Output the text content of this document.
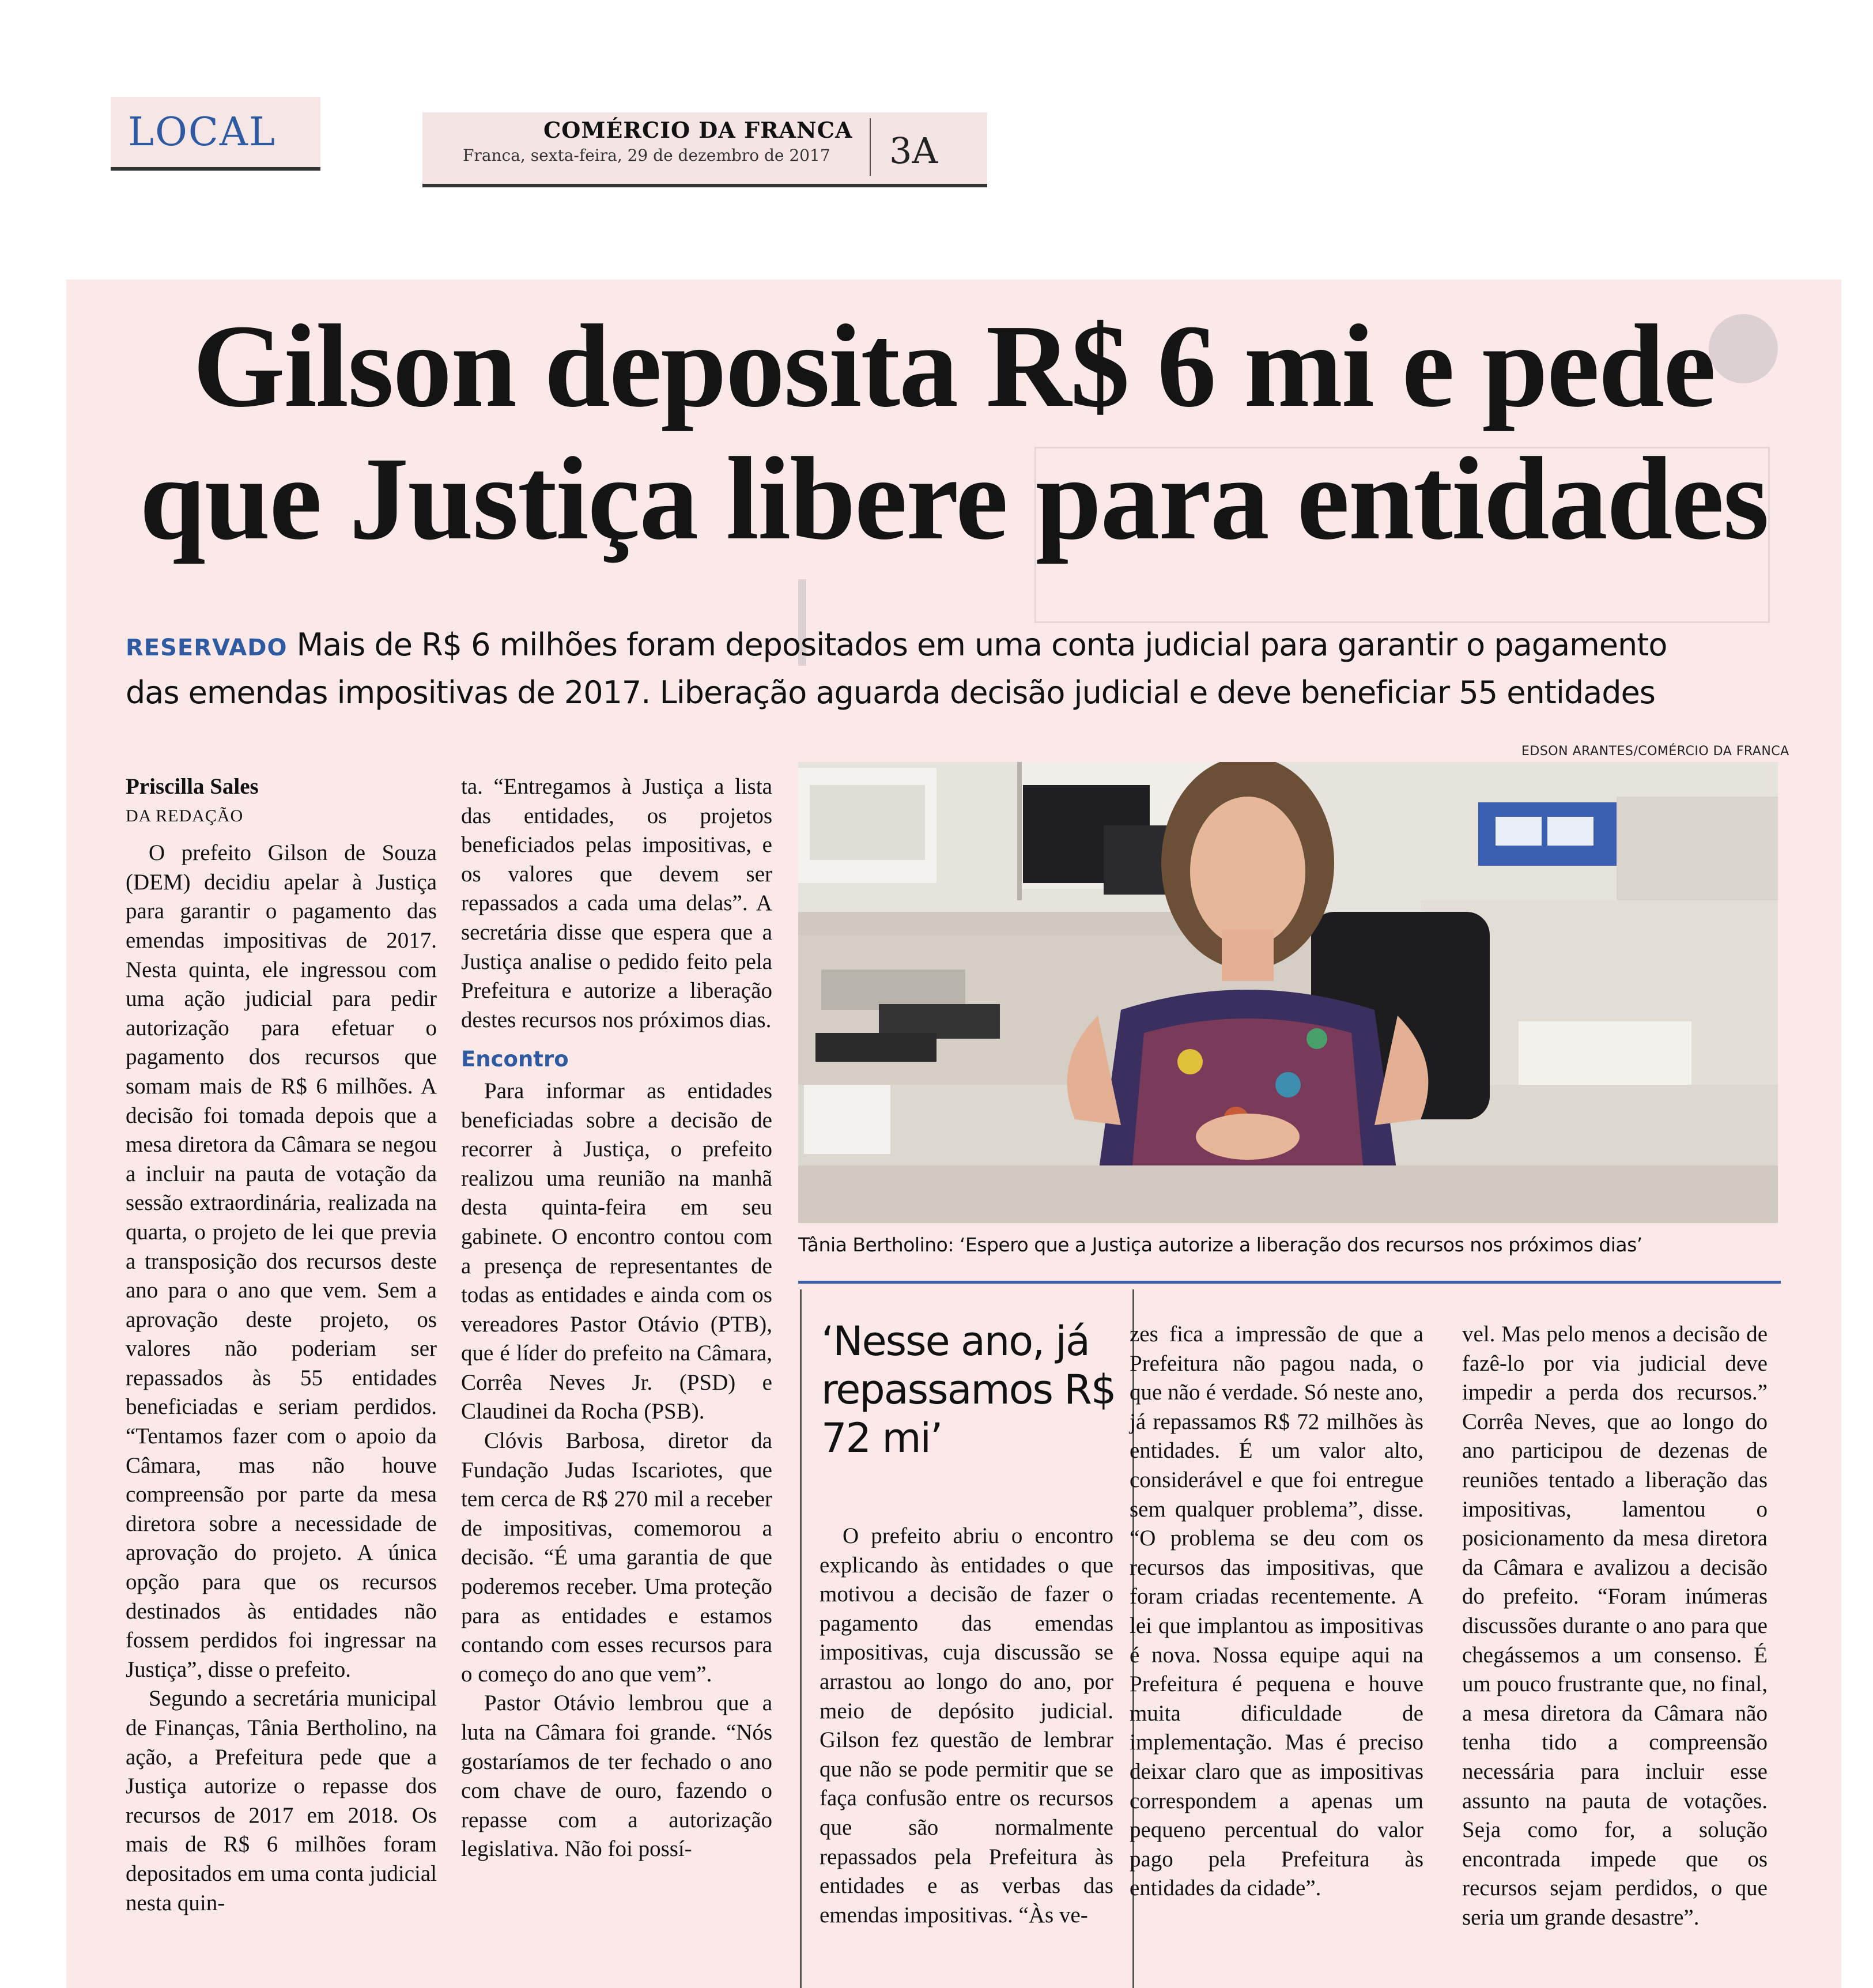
LOCAL	COMÉRCIO DA FRANCA
Franca, sexta-feira, 29 de dezembro de 2017 3A
Gilson deposita R$ 6 mi e pede
que Justiça libere para entidades
RESERVADO Mais de R$ 6 milhões foram depositados em uma conta judicial para garantir o pagamento
das emendas impositivas de 2017. Liberação aguarda decisão judicial e deve beneficiar 55 entidades

Priscilla Sales

DA REDAÇÃO

O prefeito Gilson de Souza (DEM) decidiu apelar à Justiça para garantir o pagamento das emendas impositivas de 2017. Nesta quinta, ele ingressou com uma ação judicial para pedir autorização para efetuar o pagamento dos recursos que somam mais de R$ 6 milhões. A decisão foi tomada depois que a mesa diretora da Câmara se negou a incluir na pauta de votação da sessão extraordinária, realizada na quarta, o projeto de lei que previa a transposição dos recursos deste ano para o ano que vem. Sem a aprovação deste projeto, os valores não poderiam ser repassados às 55 entidades beneficiadas e seriam perdidos. “Tentamos fazer com o apoio da Câmara, mas não houve compreensão por parte da mesa diretora sobre a necessidade de aprovação do projeto. A única opção para que os recursos destinados às entidades não fossem perdidos foi ingressar na Justiça”, disse o prefeito.

Segundo a secretária municipal de Finanças, Tânia Bertholino, na ação, a Prefeitura pede que a Justiça autorize o repasse dos recursos de 2017 em 2018. Os mais de R$ 6 milhões foram depositados em uma conta judicial nesta quin-

ta. “Entregamos à Justiça a lista das entidades, os projetos beneficiados pelas impositivas, e os valores que devem ser repassados a cada uma delas”. A secretária disse que espera que a Justiça analise o pedido feito pela Prefeitura e autorize a liberação destes recursos nos próximos dias.

Encontro

Para informar as entidades beneficiadas sobre a decisão de recorrer à Justiça, o prefeito realizou uma reunião na manhã desta quinta-feira em seu gabinete. O encontro contou com a presença de representantes de todas as entidades e ainda com os vereadores Pastor Otávio (PTB), que é líder do prefeito na Câmara, Corrêa Neves Jr. (PSD) e Claudinei da Rocha (PSB).

Clóvis Barbosa, diretor da Fundação Judas Iscariotes, que tem cerca de R$ 270 mil a receber de impositivas, comemorou a decisão. “É uma garantia de que poderemos receber. Uma proteção para as entidades e estamos contando com esses recursos para o começo do ano que vem”.

Pastor Otávio lembrou que a luta na Câmara foi grande. “Nós gostaríamos de ter fechado o ano com chave de ouro, fazendo o repasse com a autorização legislativa. Não foi possí-

EDSON ARANTES/COMÉRCIO DA FRANCA
Tânia Bertholino: ‘Espero que a Justiça autorize a liberação dos recursos nos próximos dias’
‘Nesse ano, já repassamos R$ 72 mi’

O prefeito abriu o encontro explicando às entidades o que motivou a decisão de fazer o pagamento das emendas impositivas, cuja discussão se arrastou ao longo do ano, por meio de depósito judicial. Gilson fez questão de lembrar que não se pode permitir que se faça confusão entre os recursos que são normalmente repassados pela Prefeitura às entidades e as verbas das emendas impositivas. “Às ve-

zes fica a impressão de que a Prefeitura não pagou nada, o que não é verdade. Só neste ano, já repassamos R$ 72 milhões às entidades. É um valor alto, considerável e que foi entregue sem qualquer problema”, disse. “O problema se deu com os recursos das impositivas, que foram criadas recentemente. A lei que implantou as impositivas é nova. Nossa equipe aqui na Prefeitura é pequena e houve muita dificuldade de implementação. Mas é preciso deixar claro que as impositivas correspondem a apenas um pequeno percentual do valor pago pela Prefeitura às entidades da cidade”.

vel. Mas pelo menos a decisão de fazê-lo por via judicial deve impedir a perda dos recursos.” Corrêa Neves, que ao longo do ano participou de dezenas de reuniões tentado a liberação das impositivas, lamentou o posicionamento da mesa diretora da Câmara e avalizou a decisão do prefeito. “Foram inúmeras discussões durante o ano para que chegássemos a um consenso. É um pouco frustrante que, no final, a mesa diretora da Câmara não tenha tido a compreensão necessária para incluir esse assunto na pauta de votações. Seja como for, a solução encontrada impede que os recursos sejam perdidos, o que seria um grande desastre”.
